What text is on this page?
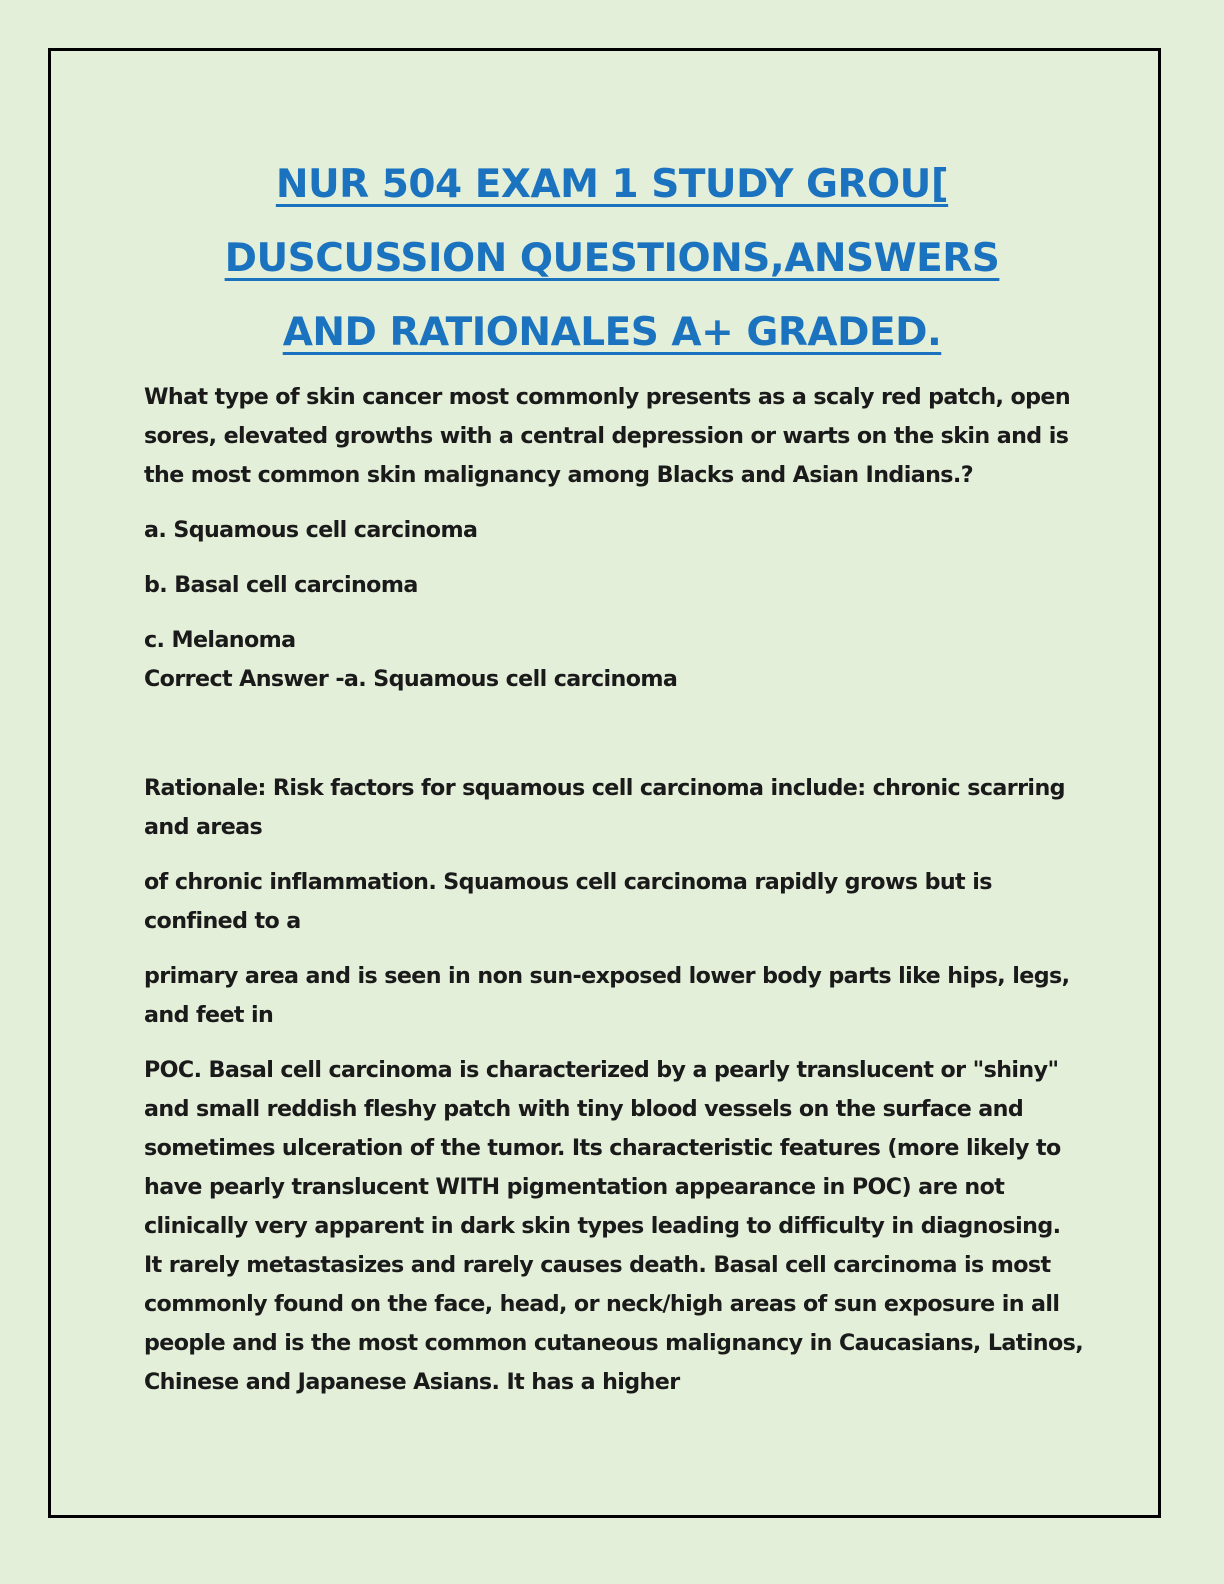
NUR 504 EXAM 1 STUDY GROU[
DUSCUSSION QUESTIONS,ANSWERS
AND RATIONALES A+ GRADED.

What type of skin cancer most commonly presents as a scaly red patch, open sores, elevated growths with a central depression or warts on the skin and is the most common skin malignancy among Blacks and Asian Indians.?

a. Squamous cell carcinoma

b. Basal cell carcinoma

c. Melanoma

Correct Answer -a. Squamous cell carcinoma

Rationale: Risk factors for squamous cell carcinoma include: chronic scarring and areas

of chronic inflammation. Squamous cell carcinoma rapidly grows but is confined to a

primary area and is seen in non sun-exposed lower body parts like hips, legs, and feet in

POC. Basal cell carcinoma is characterized by a pearly translucent or "shiny" and small reddish fleshy patch with tiny blood vessels on the surface and sometimes ulceration of the tumor. Its characteristic features (more likely to have pearly translucent WITH pigmentation appearance in POC) are not clinically very apparent in dark skin types leading to difficulty in diagnosing. It rarely metastasizes and rarely causes death. Basal cell carcinoma is most commonly found on the face, head, or neck/high areas of sun exposure in all people and is the most common cutaneous malignancy in Caucasians, Latinos, Chinese and Japanese Asians. It has a higher
